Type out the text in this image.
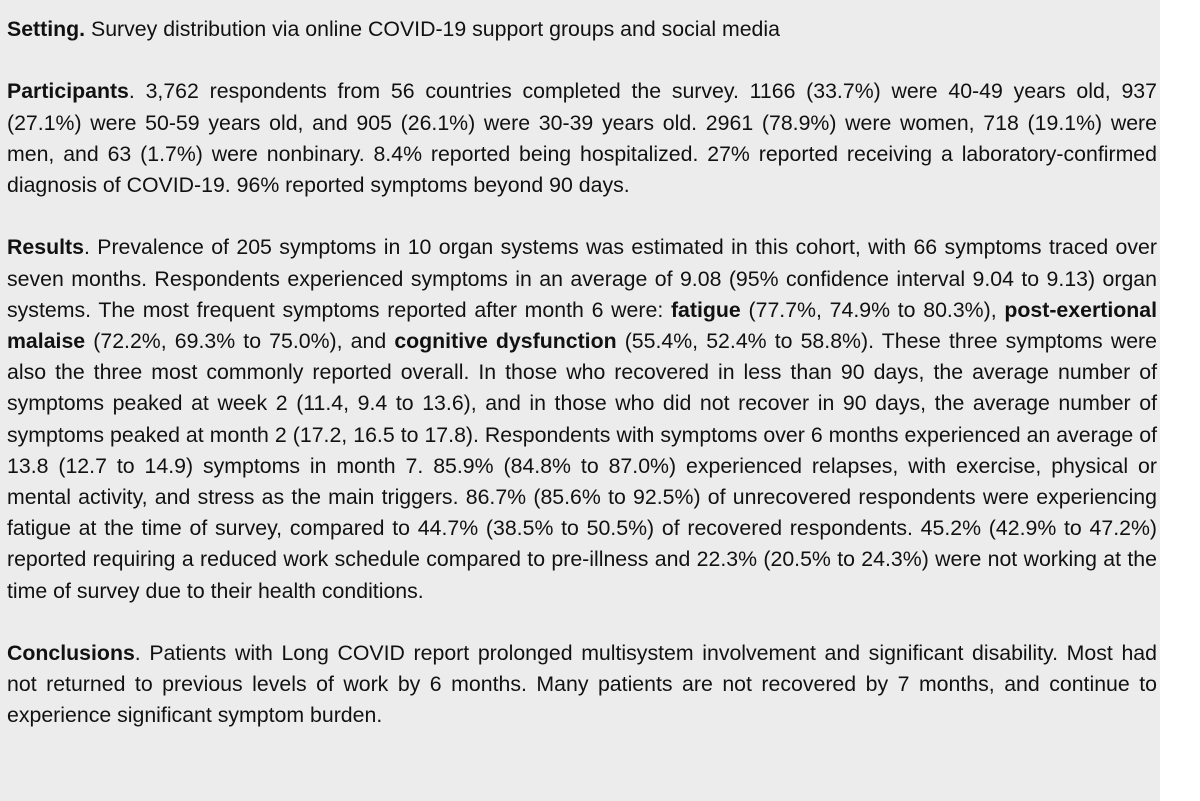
Setting. Survey distribution via online COVID-19 support groups and social media

Participants. 3,762 respondents from 56 countries completed the survey. 1166 (33.7%) were 40-49 years old, 937 (27.1%) were 50-59 years old, and 905 (26.1%) were 30-39 years old. 2961 (78.9%) were women, 718 (19.1%) were men, and 63 (1.7%) were nonbinary. 8.4% reported being hospitalized. 27% reported receiving a laboratory-confirmed diagnosis of COVID-19. 96% reported symptoms beyond 90 days.

Results. Prevalence of 205 symptoms in 10 organ systems was estimated in this cohort, with 66 symptoms traced over seven months. Respondents experienced symptoms in an average of 9.08 (95% confidence interval 9.04 to 9.13) organ systems. The most frequent symptoms reported after month 6 were: fatigue (77.7%, 74.9% to 80.3%), post-exertional malaise (72.2%, 69.3% to 75.0%), and cognitive dysfunction (55.4%, 52.4% to 58.8%). These three symptoms were also the three most commonly reported overall. In those who recovered in less than 90 days, the average number of symptoms peaked at week 2 (11.4, 9.4 to 13.6), and in those who did not recover in 90 days, the average number of symptoms peaked at month 2 (17.2, 16.5 to 17.8). Respondents with symptoms over 6 months experienced an average of 13.8 (12.7 to 14.9) symptoms in month 7. 85.9% (84.8% to 87.0%) experienced relapses, with exercise, physical or mental activity, and stress as the main triggers. 86.7% (85.6% to 92.5%) of unrecovered respondents were experiencing fatigue at the time of survey, compared to 44.7% (38.5% to 50.5%) of recovered respondents. 45.2% (42.9% to 47.2%) reported requiring a reduced work schedule compared to pre-illness and 22.3% (20.5% to 24.3%) were not working at the time of survey due to their health conditions.

Conclusions. Patients with Long COVID report prolonged multisystem involvement and significant disability. Most had not returned to previous levels of work by 6 months. Many patients are not recovered by 7 months, and continue to experience significant symptom burden.
